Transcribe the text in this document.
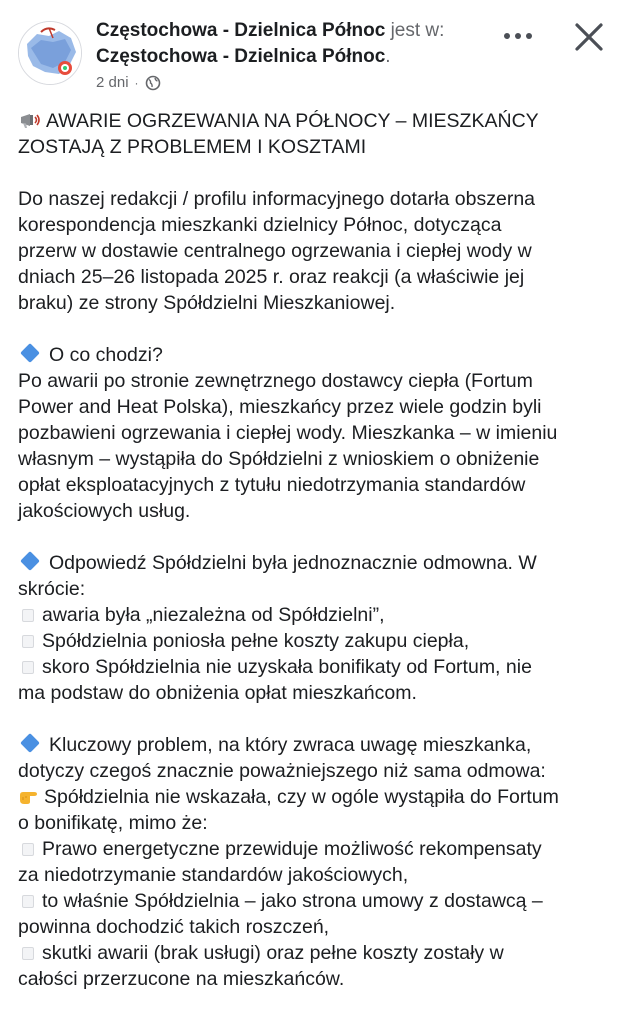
Częstochowa - Dzielnica Północ jest w:
Częstochowa - Dzielnica Północ.
2 dni ·

AWARIE OGRZEWANIA NA PÓŁNOCY – MIESZKAŃCY

ZOSTAJĄ Z PROBLEMEM I KOSZTAMI

Do naszej redakcji / profilu informacyjnego dotarła obszerna

korespondencja mieszkanki dzielnicy Północ, dotycząca

przerw w dostawie centralnego ogrzewania i ciepłej wody w

dniach 25–26 listopada 2025 r. oraz reakcji (a właściwie jej

braku) ze strony Spółdzielni Mieszkaniowej.

O co chodzi?

Po awarii po stronie zewnętrznego dostawcy ciepła (Fortum

Power and Heat Polska), mieszkańcy przez wiele godzin byli

pozbawieni ogrzewania i ciepłej wody. Mieszkanka – w imieniu

własnym – wystąpiła do Spółdzielni z wnioskiem o obniżenie

opłat eksploatacyjnych z tytułu niedotrzymania standardów

jakościowych usług.

Odpowiedź Spółdzielni była jednoznacznie odmowna. W

skrócie:

awaria była „niezależna od Spółdzielni”,

Spółdzielnia poniosła pełne koszty zakupu ciepła,

skoro Spółdzielnia nie uzyskała bonifikaty od Fortum, nie

ma podstaw do obniżenia opłat mieszkańcom.

Kluczowy problem, na który zwraca uwagę mieszkanka,

dotyczy czegoś znacznie poważniejszego niż sama odmowa:

Spółdzielnia nie wskazała, czy w ogóle wystąpiła do Fortum

o bonifikatę, mimo że:

Prawo energetyczne przewiduje możliwość rekompensaty

za niedotrzymanie standardów jakościowych,

to właśnie Spółdzielnia – jako strona umowy z dostawcą –

powinna dochodzić takich roszczeń,

skutki awarii (brak usługi) oraz pełne koszty zostały w

całości przerzucone na mieszkańców.
